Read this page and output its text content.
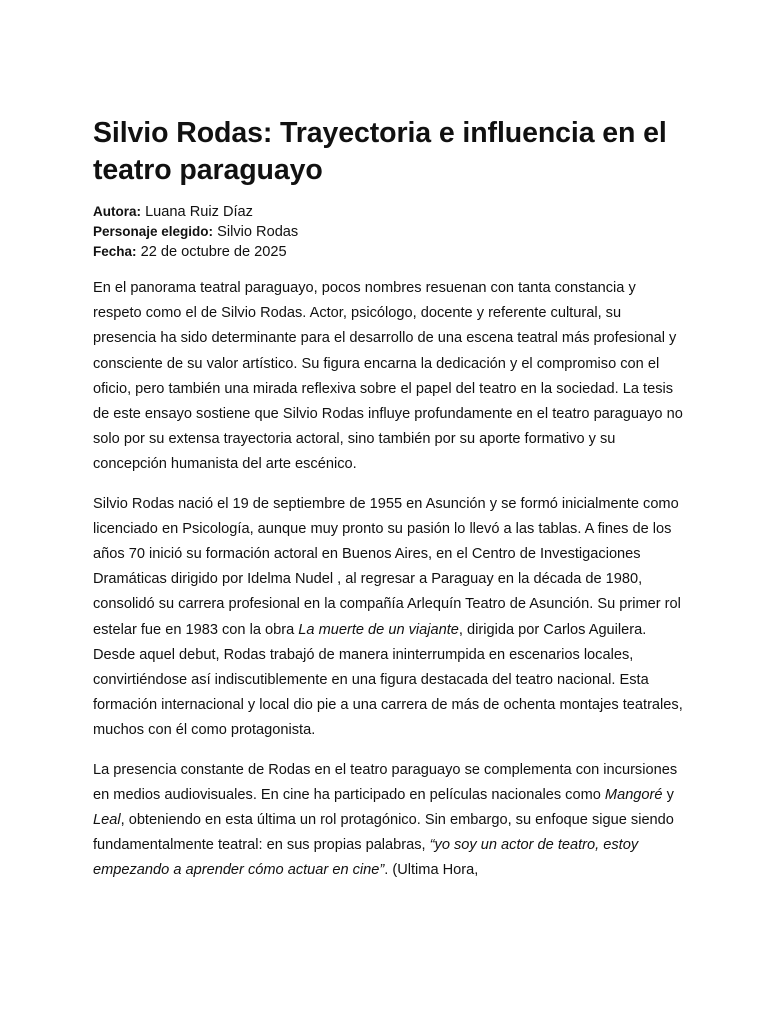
Silvio Rodas: Trayectoria e influencia en el teatro paraguayo
Autora: Luana Ruiz Díaz
Personaje elegido: Silvio Rodas
Fecha: 22 de octubre de 2025

En el panorama teatral paraguayo, pocos nombres resuenan con tanta constancia y respeto como el de Silvio Rodas. Actor, psicólogo, docente y referente cultural, su presencia ha sido determinante para el desarrollo de una escena teatral más profesional y consciente de su valor artístico. Su figura encarna la dedicación y el compromiso con el oficio, pero también una mirada reflexiva sobre el papel del teatro en la sociedad. La tesis de este ensayo sostiene que Silvio Rodas influye profundamente en el teatro paraguayo no solo por su extensa trayectoria actoral, sino también por su aporte formativo y su concepción humanista del arte escénico.

Silvio Rodas nació el 19 de septiembre de 1955 en Asunción y se formó inicialmente como licenciado en Psicología, aunque muy pronto su pasión lo llevó a las tablas. A fines de los años 70 inició su formación actoral en Buenos Aires, en el Centro de Investigaciones Dramáticas dirigido por Idelma Nudel , al regresar a Paraguay en la década de 1980, consolidó su carrera profesional en la compañía Arlequín Teatro de Asunción. Su primer rol estelar fue en 1983 con la obra La muerte de un viajante, dirigida por Carlos Aguilera. Desde aquel debut, Rodas trabajó de manera ininterrumpida en escenarios locales, convirtiéndose así indiscutiblemente en una figura destacada del teatro nacional. Esta formación internacional y local dio pie a una carrera de más de ochenta montajes teatrales, muchos con él como protagonista.

La presencia constante de Rodas en el teatro paraguayo se complementa con incursiones en medios audiovisuales. En cine ha participado en películas nacionales como Mangoré y Leal, obteniendo en esta última un rol protagónico. Sin embargo, su enfoque sigue siendo fundamentalmente teatral: en sus propias palabras, “yo soy un actor de teatro, estoy empezando a aprender cómo actuar en cine”. (Ultima Hora,
